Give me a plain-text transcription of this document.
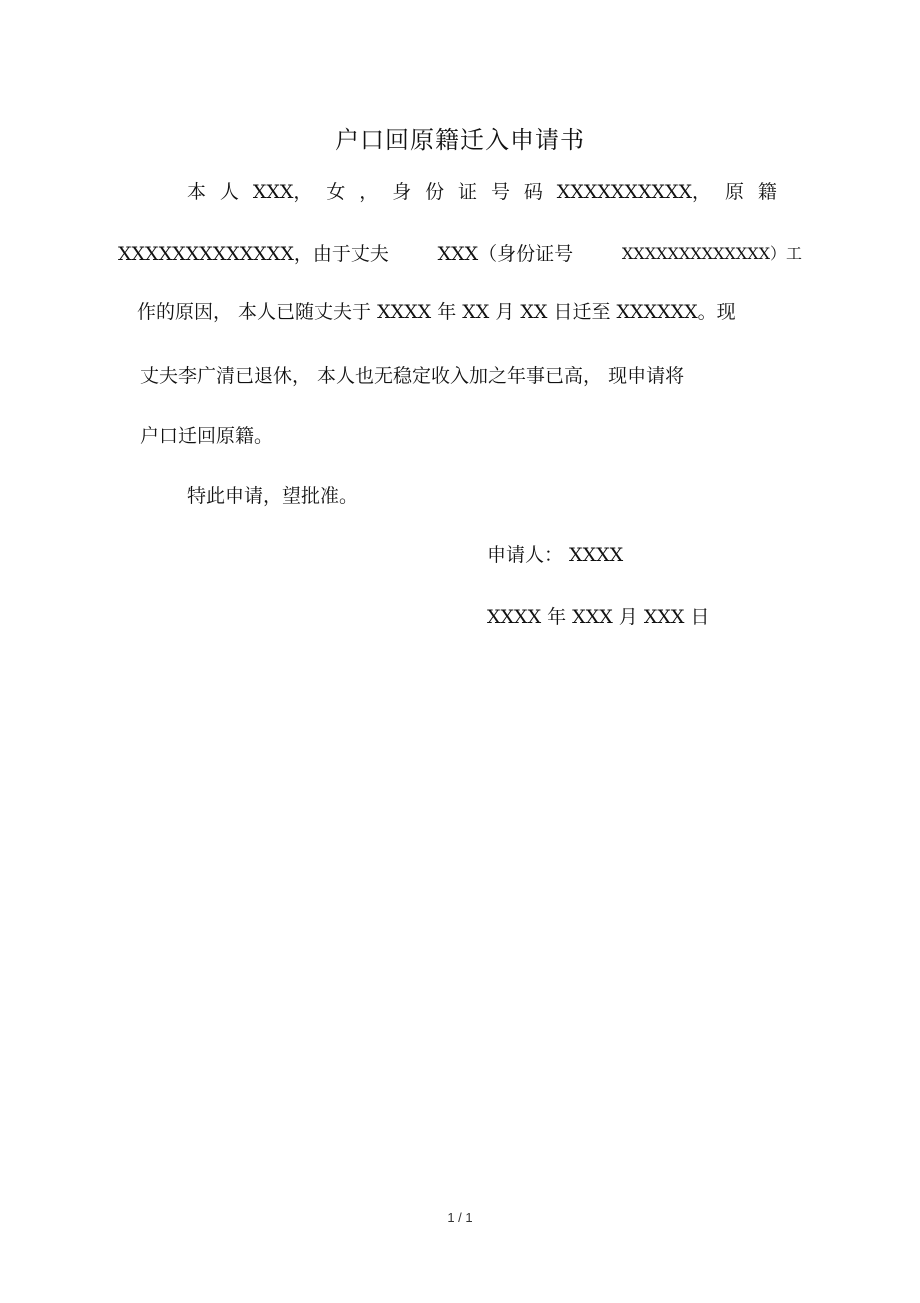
户口回原籍迁入申请书
本 人 XXX， 女 ， 身 份 证 号 码 XXXXXXXXXX， 原 籍
XXXXXXXXXXXXX，由于丈夫	XXX（身份证号	XXXXXXXXXXXXX）工
作的原因， 本人已随丈夫于 XXXX 年 XX 月 XX 日迁至 XXXXXX。现
丈夫李广清已退休， 本人也无稳定收入加之年事已高， 现申请将
户口迁回原籍。
特此申请，望批准。
申请人： XXXX
XXXX 年 XXX 月 XXX 日
1 / 1
